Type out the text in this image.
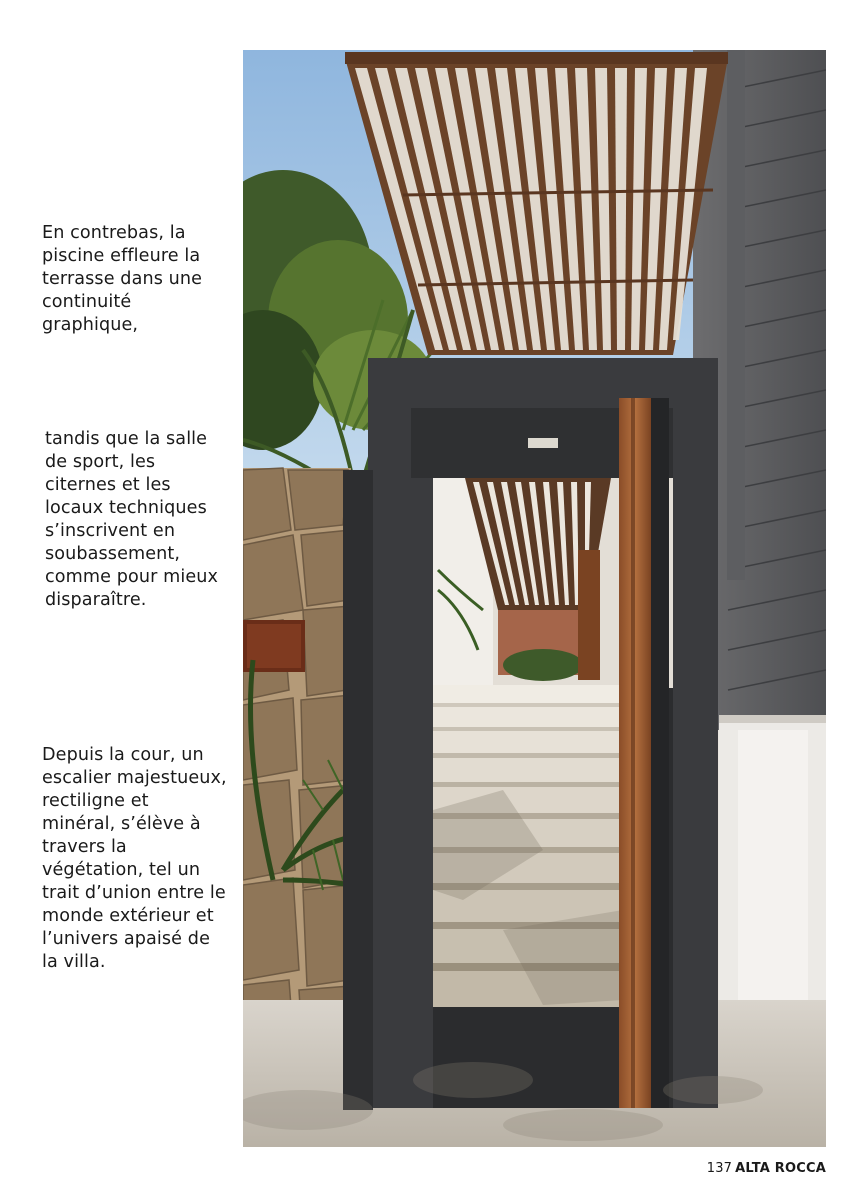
En contrebas, la piscine effleure la terrasse dans une continuité graphique,

tandis que la salle de sport, les citernes et les locaux techniques s’inscrivent en soubassement, comme pour mieux disparaître.

Depuis la cour, un escalier majestueux, rectiligne et minéral, s’élève à travers la végétation, tel un trait d’union entre le monde extérieur et l’univers apaisé de la villa.

137 ALTA ROCCA
